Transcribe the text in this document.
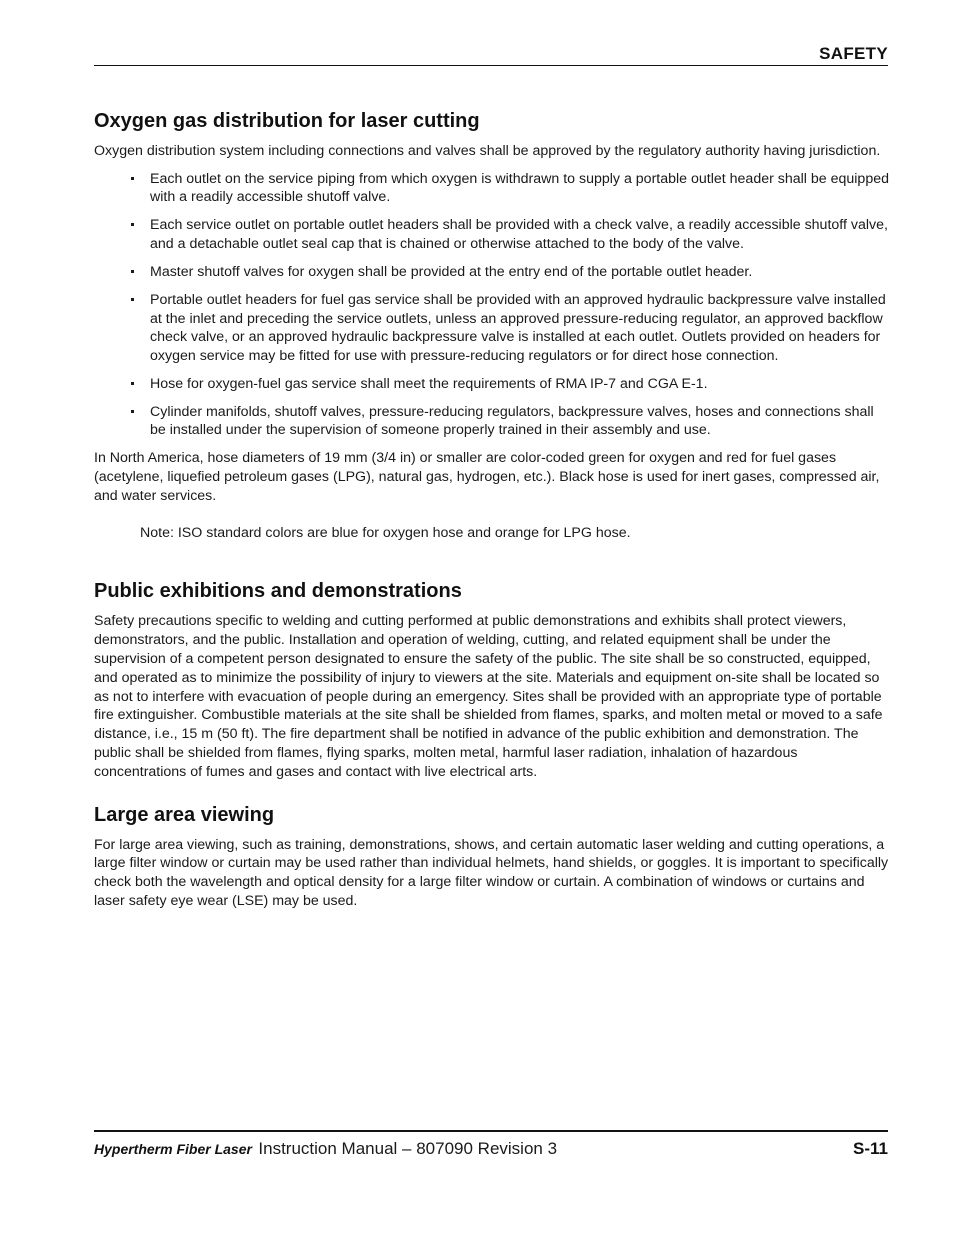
SAFETY
Oxygen gas distribution for laser cutting

Oxygen distribution system including connections and valves shall be approved by the regulatory authority having jurisdiction.

Each outlet on the service piping from which oxygen is withdrawn to supply a portable outlet header shall be equipped with a readily accessible shutoff valve.
Each service outlet on portable outlet headers shall be provided with a check valve, a readily accessible shutoff valve, and a detachable outlet seal cap that is chained or otherwise attached to the body of the valve.
Master shutoff valves for oxygen shall be provided at the entry end of the portable outlet header.
Portable outlet headers for fuel gas service shall be provided with an approved hydraulic backpressure valve installed at the inlet and preceding the service outlets, unless an approved pressure-reducing regulator, an approved backflow check valve, or an approved hydraulic backpressure valve is installed at each outlet. Outlets provided on headers for oxygen service may be fitted for use with pressure-reducing regulators or for direct hose connection.
Hose for oxygen-fuel gas service shall meet the requirements of RMA IP-7 and CGA E-1.
Cylinder manifolds, shutoff valves, pressure-reducing regulators, backpressure valves, hoses and connections shall be installed under the supervision of someone properly trained in their assembly and use.

In North America, hose diameters of 19 mm (3/4 in) or smaller are color-coded green for oxygen and red for fuel gases (acetylene, liquefied petroleum gases (LPG), natural gas, hydrogen, etc.). Black hose is used for inert gases, compressed air, and water services.

Note: ISO standard colors are blue for oxygen hose and orange for LPG hose.
Public exhibitions and demonstrations

Safety precautions specific to welding and cutting performed at public demonstrations and exhibits shall protect viewers, demonstrators, and the public. Installation and operation of welding, cutting, and related equipment shall be under the supervision of a competent person designated to ensure the safety of the public. The site shall be so constructed, equipped, and operated as to minimize the possibility of injury to viewers at the site. Materials and equipment on-site shall be located so as not to interfere with evacuation of people during an emergency. Sites shall be provided with an appropriate type of portable fire extinguisher. Combustible materials at the site shall be shielded from flames, sparks, and molten metal or moved to a safe distance, i.e., 15 m (50 ft). The fire department shall be notified in advance of the public exhibition and demonstration. The public shall be shielded from flames, flying sparks, molten metal, harmful laser radiation, inhalation of hazardous concentrations of fumes and gases and contact with live electrical arts.

Large area viewing

For large area viewing, such as training, demonstrations, shows, and certain automatic laser welding and cutting operations, a large filter window or curtain may be used rather than individual helmets, hand shields, or goggles. It is important to specifically check both the wavelength and optical density for a large filter window or curtain. A combination of windows or curtains and laser safety eye wear (LSE) may be used.

Hypertherm Fiber Laser Instruction Manual – 807090 Revision 3	S-11
